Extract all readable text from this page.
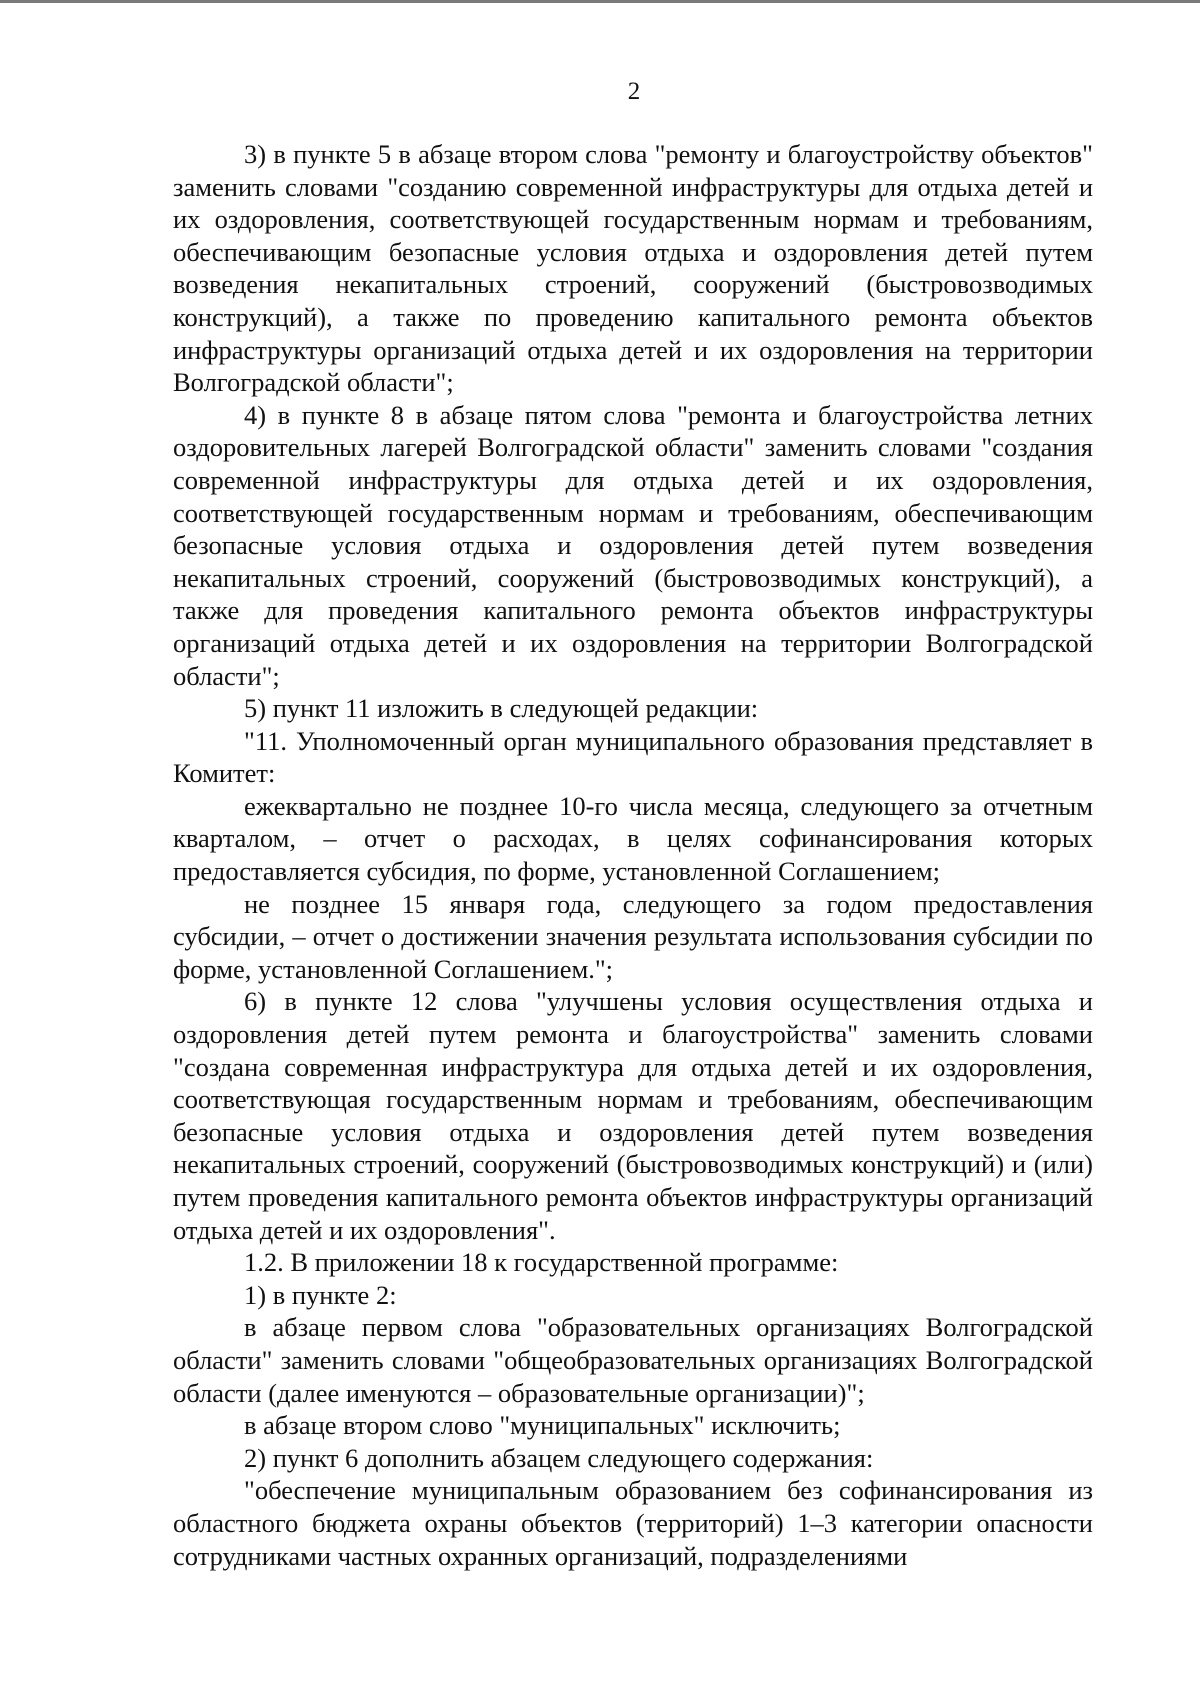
2

3) в пункте 5 в абзаце втором слова "ремонту и благоустройству объектов" заменить словами "созданию современной инфраструктуры для отдыха детей и их оздоровления, соответствующей государственным нормам и требованиям, обеспечивающим безопасные условия отдыха и оздоровления детей путем возведения некапитальных строений, сооружений (быстровозводимых конструкций), а также по проведению капитального ремонта объектов инфраструктуры организаций отдыха детей и их оздоровления на территории Волгоградской области";

4) в пункте 8 в абзаце пятом слова "ремонта и благоустройства летних оздоровительных лагерей Волгоградской области" заменить словами "создания современной инфраструктуры для отдыха детей и их оздоровления, соответствующей государственным нормам и требованиям, обеспечивающим безопасные условия отдыха и оздоровления детей путем возведения некапитальных строений, сооружений (быстровозводимых конструкций), а также для проведения капитального ремонта объектов инфраструктуры организаций отдыха детей и их оздоровления на территории Волгоградской области";

5) пункт 11 изложить в следующей редакции:

"11. Уполномоченный орган муниципального образования представляет в Комитет:

ежеквартально не позднее 10-го числа месяца, следующего за отчетным кварталом, – отчет о расходах, в целях софинансирования которых предоставляется субсидия, по форме, установленной Соглашением;

не позднее 15 января года, следующего за годом предоставления субсидии, – отчет о достижении значения результата использования субсидии по форме, установленной Соглашением.";

6) в пункте 12 слова "улучшены условия осуществления отдыха и оздоровления детей путем ремонта и благоустройства" заменить словами "создана современная инфраструктура для отдыха детей и их оздоровления, соответствующая государственным нормам и требованиям, обеспечивающим безопасные условия отдыха и оздоровления детей путем возведения некапитальных строений, сооружений (быстровозводимых конструкций) и (или) путем проведения капитального ремонта объектов инфраструктуры организаций отдыха детей и их оздоровления".

1.2. В приложении 18 к государственной программе:

1) в пункте 2:

в абзаце первом слова "образовательных организациях Волгоградской области" заменить словами "общеобразовательных организациях Волгоградской области (далее именуются – образовательные организации)";

в абзаце втором слово "муниципальных" исключить;

2) пункт 6 дополнить абзацем следующего содержания:

"обеспечение муниципальным образованием без софинансирования из областного бюджета охраны объектов (территорий) 1–3 категории опасности сотрудниками частных охранных организаций, подразделениями
